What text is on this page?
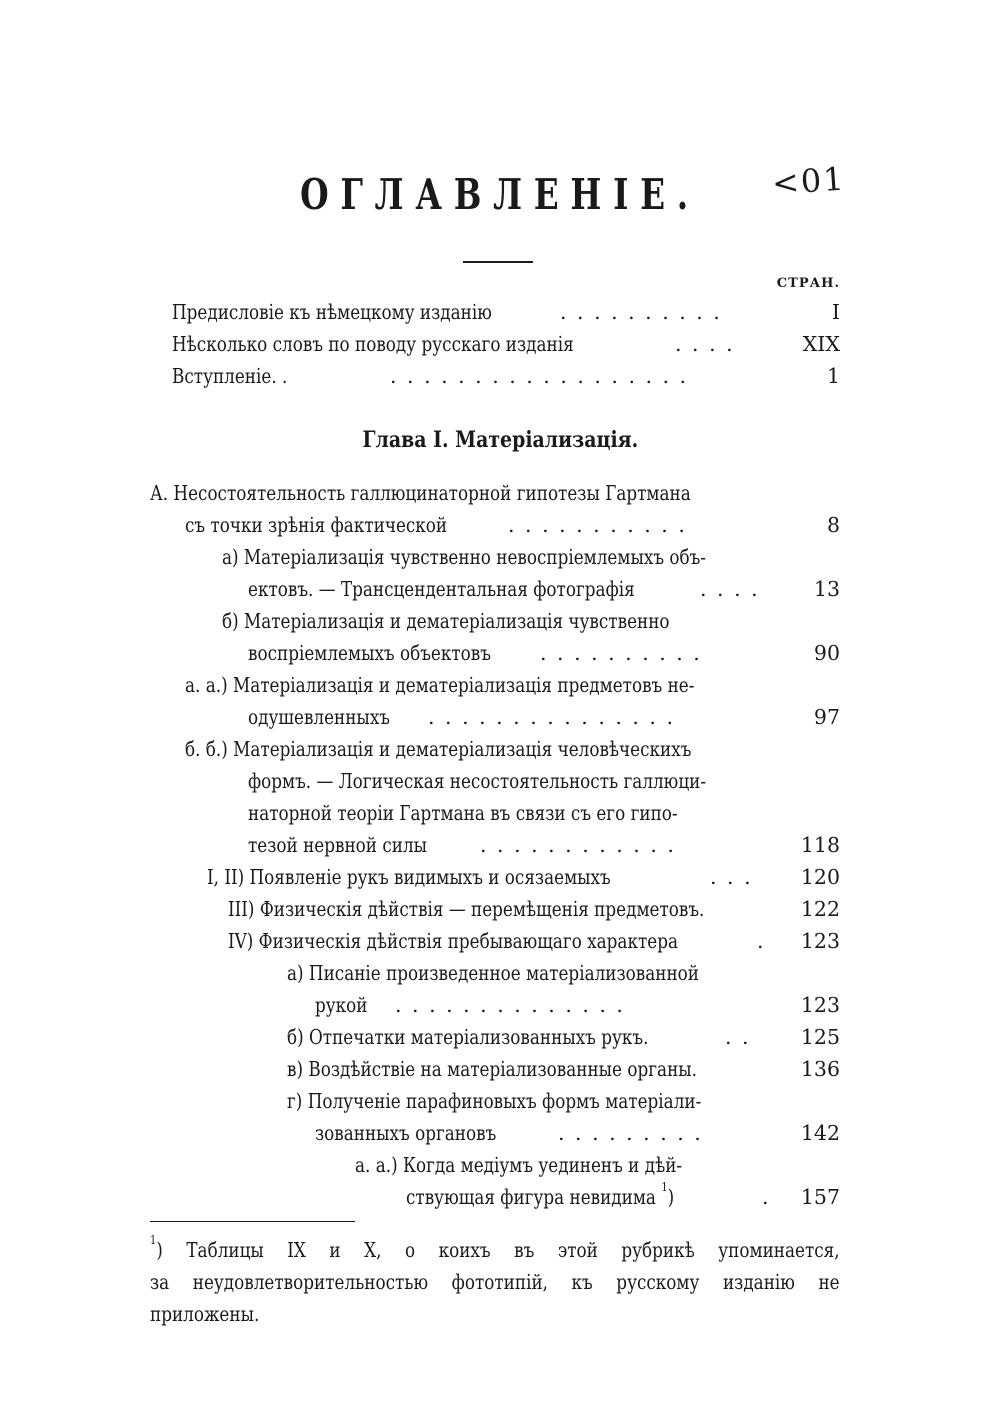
ОГЛАВЛЕНІЕ.	<01
СТРАН.
Предисловіе къ нѣмецкому изданію	. . . . . . . . . .	I
Нѣсколько словъ по поводу русскаго изданія	. . . .	XIX
Вступленіе. .	. . . . . . . . . . . . . . . . . .	1
Глава I. Матеріализація.
А. Несостоятельность галлюцинаторной гипотезы Гартмана
съ точки зрѣнія фактической	. . . . . . . . . . .	8
а) Матеріализація чувственно невоспріемлемыхъ объ-
ектовъ. — Трансцендентальная фотографія	. . . .	13
б) Матеріализація и дематеріализація чувственно
воспріемлемыхъ объектовъ . . . . . . . . . .	90
а. а.) Матеріализація и дематеріализація предметовъ не-
одушевленныхъ . . . . . . . . . . . . . . .	97
б. б.) Матеріализація и дематеріализація человѣческихъ
формъ. — Логическая несостоятельность галлюци-
наторной теоріи Гартмана въ связи съ его гипо-
тезой нервной силы	. . . . . . . . . . . .	118
I, II) Появленіе рукъ видимыхъ и осязаемыхъ	. . .	120
III) Физическія дѣйствія — перемѣщенія предметовъ.	122
IV) Физическія дѣйствія пребывающаго характера	.	123
а) Писаніе произведенное матеріализованной
рукой . . . . . . . . . . . . . .	123
б) Отпечатки матеріализованныхъ рукъ.	. .	125
в) Воздѣйствіе на матеріализованные органы.	136
г) Полученіе парафиновыхъ формъ матеріали-
зованныхъ органовъ	. . . . . . . . .	142
а. а.) Когда медіумъ уединенъ и дѣй-
ствующая фигура невидима $^1$)	.	157
$^1$) Таблицы IX и X, о коихъ въ этой рубрикѣ упоминается,
за неудовлетворительностью фототипій, къ русскому изданію не
приложены.
